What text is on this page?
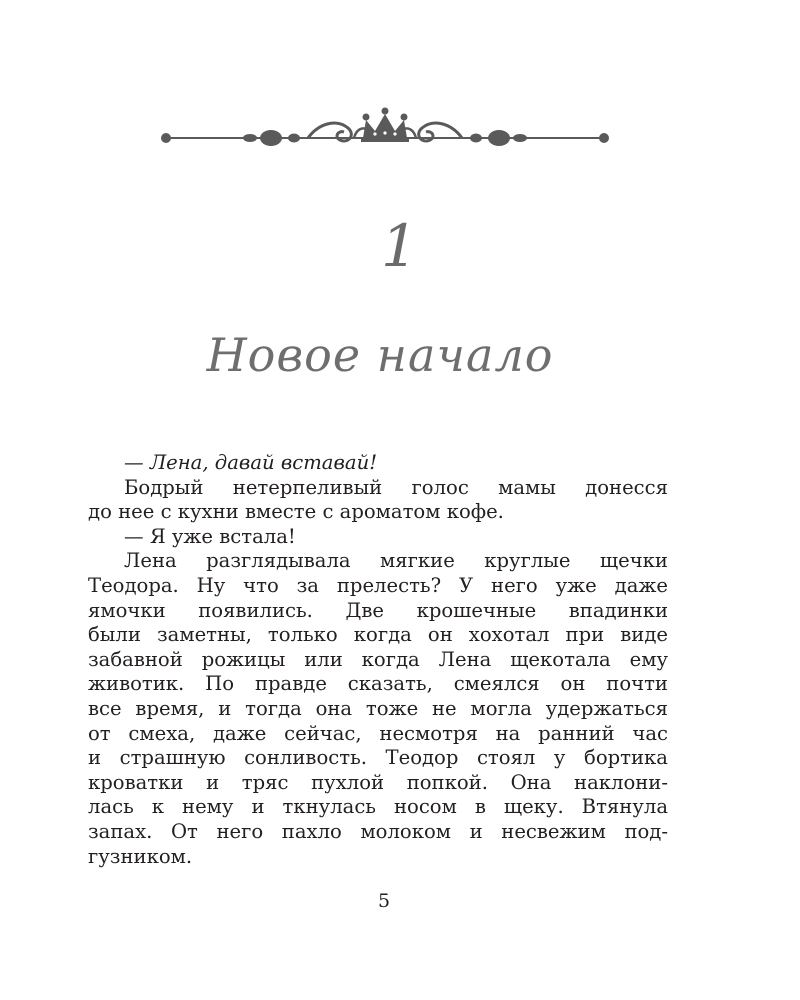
1
Новое начало
— Лена, давай вставай!
Бодрый нетерпеливый голос мамы донесся
до нее с кухни вместе с ароматом кофе.
— Я уже встала!
Лена разглядывала мягкие круглые щечки
Теодора. Ну что за прелесть? У него уже даже
ямочки появились. Две крошечные впадинки
были заметны, только когда он хохотал при виде
забавной рожицы или когда Лена щекотала ему
животик. По правде сказать, смеялся он почти
все время, и тогда она тоже не могла удержаться
от смеха, даже сейчас, несмотря на ранний час
и страшную сонливость. Теодор стоял у бортика
кроватки и тряс пухлой попкой. Она наклони-
лась к нему и ткнулась носом в щеку. Втянула
запах. От него пахло молоком и несвежим под-
гузником.
5
